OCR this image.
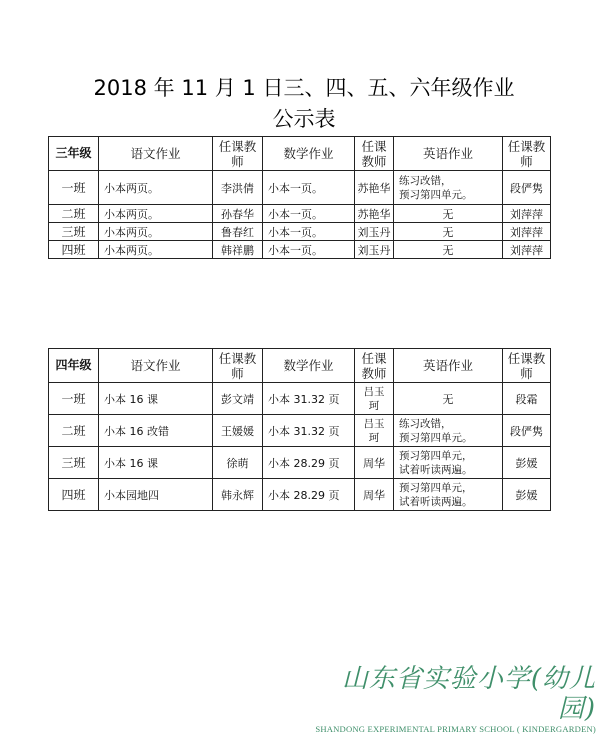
2018 年 11 月 1 日三、四、五、六年级作业
公示表
三年级	语文作业	任课教师	数学作业	任课教师	英语作业	任课教师
一班	小本两页。	李洪倩	小本一页。	苏艳华	练习改错，
预习第四单元。	段俨隽
二班	小本两页。	孙春华	小本一页。	苏艳华	无	刘萍萍
三班	小本两页。	鲁春红	小本一页。	刘玉丹	无	刘萍萍
四班	小本两页。	韩祥鹏	小本一页。	刘玉丹	无	刘萍萍
四年级	语文作业	任课教师	数学作业	任课教师	英语作业	任课教师
一班	小本 16 课	彭文靖	小本 31.32 页	吕玉
珂	无	段霜
二班	小本 16 改错	王媛媛	小本 31.32 页	吕玉
珂	练习改错，
预习第四单元。	段俨隽
三班	小本 16 课	徐萌	小本 28.29 页	周华	预习第四单元，
试着听读两遍。	彭媛
四班	小本园地四	韩永辉	小本 28.29 页	周华	预习第四单元，
试着听读两遍。	彭媛
山东省实验小学(幼儿园)
SHANDONG EXPERIMENTAL PRIMARY SCHOOL ( KINDERGARDEN)
